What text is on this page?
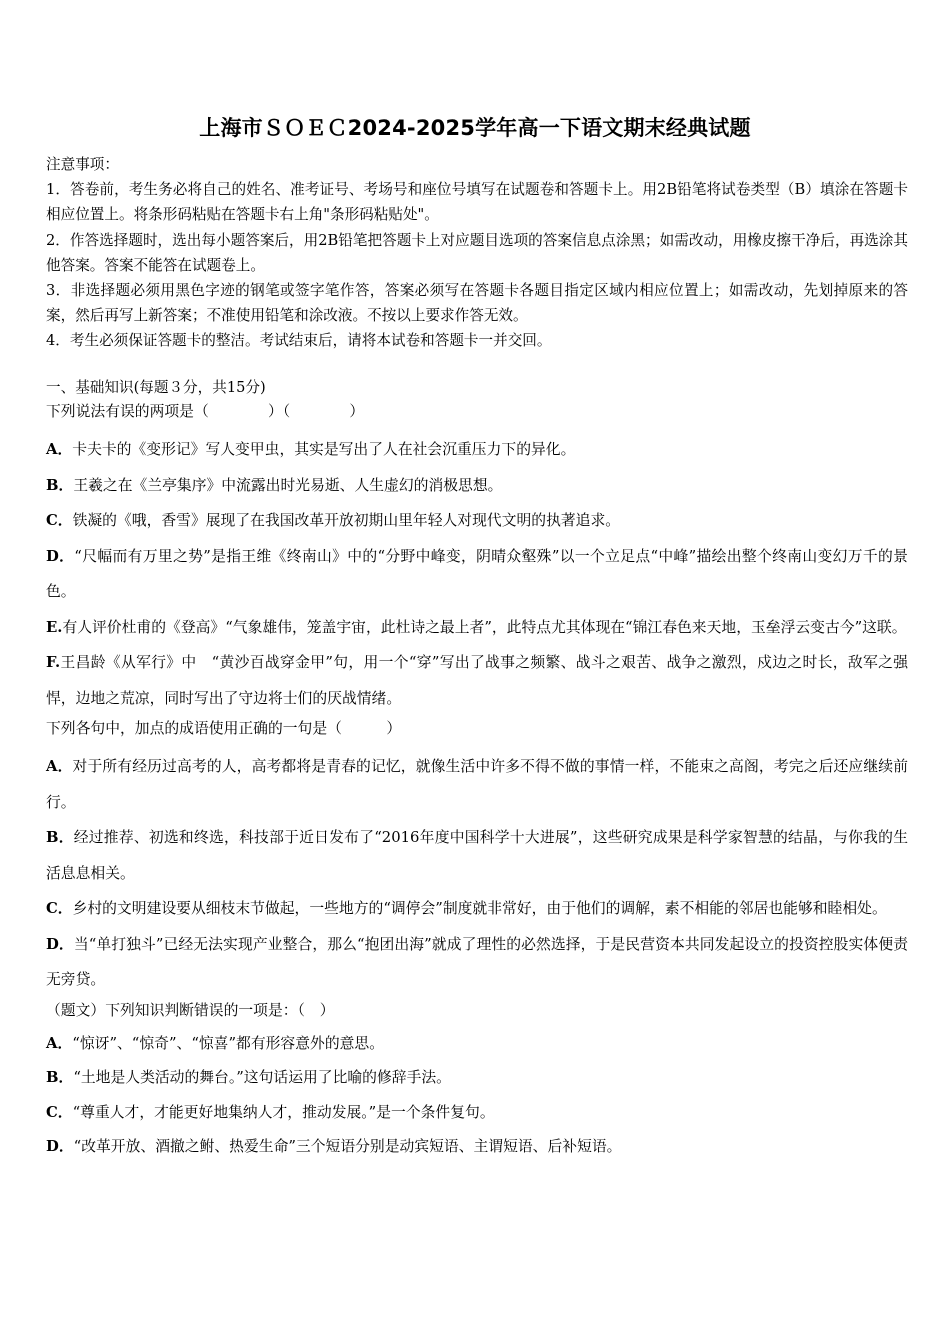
上海市ＳＯＥＣ2024-2025学年高一下语文期末经典试题

注意事项：

1．答卷前，考生务必将自己的姓名、准考证号、考场号和座位号填写在试题卷和答题卡上。用2B铅笔将试卷类型（B）填涂在答题卡相应位置上。将条形码粘贴在答题卡右上角"条形码粘贴处"。

2．作答选择题时，选出每小题答案后，用2B铅笔把答题卡上对应题目选项的答案信息点涂黑；如需改动，用橡皮擦干净后，再选涂其他答案。答案不能答在试题卷上。

3．非选择题必须用黑色字迹的钢笔或签字笔作答，答案必须写在答题卡各题目指定区域内相应位置上；如需改动，先划掉原来的答案，然后再写上新答案；不准使用铅笔和涂改液。不按以上要求作答无效。

4．考生必须保证答题卡的整洁。考试结束后，请将本试卷和答题卡一并交回。

一、基础知识(每题３分，共15分)

下列说法有误的两项是（　　　　）（　　　　）

A．卡夫卡的《变形记》写人变甲虫，其实是写出了人在社会沉重压力下的异化。

B．王羲之在《兰亭集序》中流露出时光易逝、人生虚幻的消极思想。

C．铁凝的《哦，香雪》展现了在我国改革开放初期山里年轻人对现代文明的执著追求。

D．“尺幅而有万里之势”是指王维《终南山》中的“分野中峰变，阴晴众壑殊”以一个立足点“中峰”描绘出整个终南山变幻万千的景色。

E.有人评价杜甫的《登高》“气象雄伟，笼盖宇宙，此杜诗之最上者”，此特点尤其体现在“锦江春色来天地，玉垒浮云变古今”这联。

F.王昌龄《从军行》中　“黄沙百战穿金甲”句，用一个“穿”写出了战事之频繁、战斗之艰苦、战争之激烈，戍边之时长，敌军之强悍，边地之荒凉，同时写出了守边将士们的厌战情绪。

下列各句中，加点的成语使用正确的一句是（　　　）

A．对于所有经历过高考的人，高考都将是青春的记忆，就像生活中许多不得不做的事情一样，不能束之高阁，考完之后还应继续前行。

B．经过推荐、初选和终选，科技部于近日发布了“2016年度中国科学十大进展”，这些研究成果是科学家智慧的结晶，与你我的生活息息相关。

C．乡村的文明建设要从细枝末节做起，一些地方的“调停会”制度就非常好，由于他们的调解，素不相能的邻居也能够和睦相处。

D．当“单打独斗”已经无法实现产业整合，那么“抱团出海”就成了理性的必然选择，于是民营资本共同发起设立的投资控股实体便责无旁贷。

（题文）下列知识判断错误的一项是：（　）

A．“惊讶”、“惊奇”、“惊喜”都有形容意外的意思。

B．“土地是人类活动的舞台。”这句话运用了比喻的修辞手法。

C．“尊重人才，才能更好地集纳人才，推动发展。”是一个条件复句。

D．“改革开放、酒撤之鲋、热爱生命”三个短语分别是动宾短语、主谓短语、后补短语。
